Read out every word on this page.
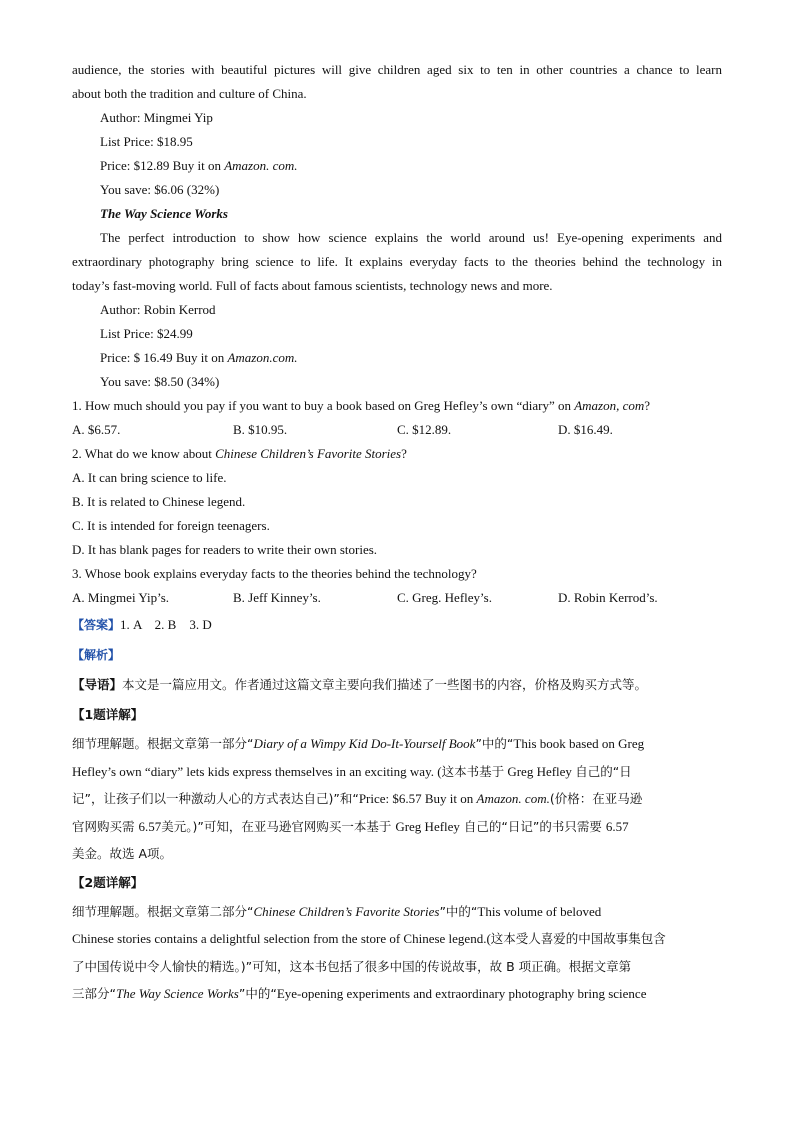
audience, the stories with beautiful pictures will give children aged six to ten in other countries a chance to learn
about both the tradition and culture of China.
Author: Mingmei Yip
List Price: $18.95
Price: $12.89 Buy it on Amazon. com.
You save: $6.06 (32%)
The Way Science Works
The perfect introduction to show how science explains the world around us! Eye-opening experiments and
extraordinary photography bring science to life. It explains everyday facts to the theories behind the technology in
today’s fast-moving world. Full of facts about famous scientists, technology news and more.
Author: Robin Kerrod
List Price: $24.99
Price: $ 16.49 Buy it on Amazon.com.
You save: $8.50 (34%)
1. How much should you pay if you want to buy a book based on Greg Hefley’s own “diary” on Amazon, com?
A. $6.57.	B. $10.95.	C. $12.89.	D. $16.49.
2. What do we know about Chinese Children’s Favorite Stories?
A. It can bring science to life.
B. It is related to Chinese legend.
C. It is intended for foreign teenagers.
D. It has blank pages for readers to write their own stories.
3. Whose book explains everyday facts to the theories behind the technology?
A. Mingmei Yip’s.	B. Jeff Kinney’s.	C. Greg. Hefley’s.	D. Robin Kerrod’s.
【答案】1. A    2. B    3. D
【解析】
【导语】本文是一篇应用文。作者通过这篇文章主要向我们描述了一些图书的内容，价格及购买方式等。
【1题详解】
细节理解题。根据文章第一部分“Diary of a Wimpy Kid Do-It-Yourself Book”中的“This book based on Greg
Hefley’s own “diary” lets kids express themselves in an exciting way. (这本书基于 Greg Hefley 自己的“日
记”，让孩子们以一种激动人心的方式表达自己)”和“Price: $6.57 Buy it on Amazon. com.(价格：在亚马逊
官网购买需 6.57美元。)”可知，在亚马逊官网购买一本基于 Greg Hefley 自己的“日记”的书只需要 6.57
美金。故选 A项。
【2题详解】
细节理解题。根据文章第二部分“Chinese Children’s Favorite Stories”中的“This volume of beloved
Chinese stories contains a delightful selection from the store of Chinese legend.(这本受人喜爱的中国故事集包含
了中国传说中令人愉快的精选。)”可知，这本书包括了很多中国的传说故事，故 B 项正确。根据文章第
三部分“The Way Science Works”中的“Eye-opening experiments and extraordinary photography bring science
